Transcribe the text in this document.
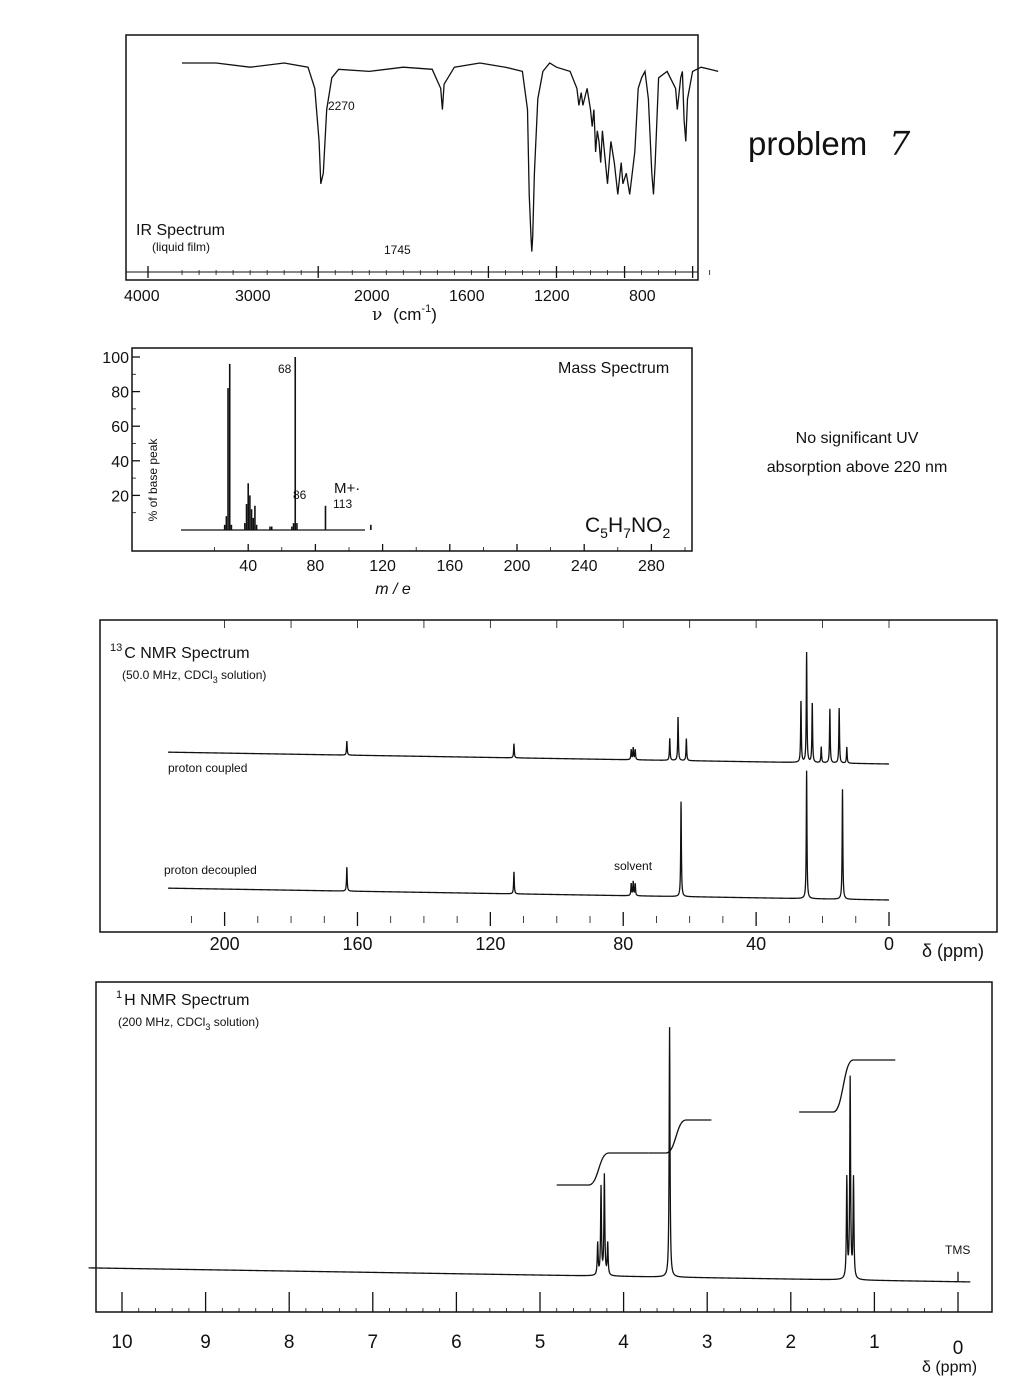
4000	3000	2000	1600	1200	800
IR Spectrum
(liquid film)
2270
1745
ν $(cm^{-1})$
problem 7
No significant UV
absorption above 220 nm
20
40
60
80
100
40	80	120	160	200	240	280
Mass Spectrum
% of base peak
m / e
68
86 M+·
113
$C_5H_7NO_2$
$^{13}$ C NMR Spectrum
(50.0 MHz, CDCl$_3$ solution)
proton coupled
proton decoupled	solvent
200	160	120	80	40	0 δ (ppm)
$^1$ H NMR Spectrum
(200 MHz, CDCl$_3$ solution)
TMS
10	9	8	7	6	5	4	3	2	1	0
δ (ppm)
